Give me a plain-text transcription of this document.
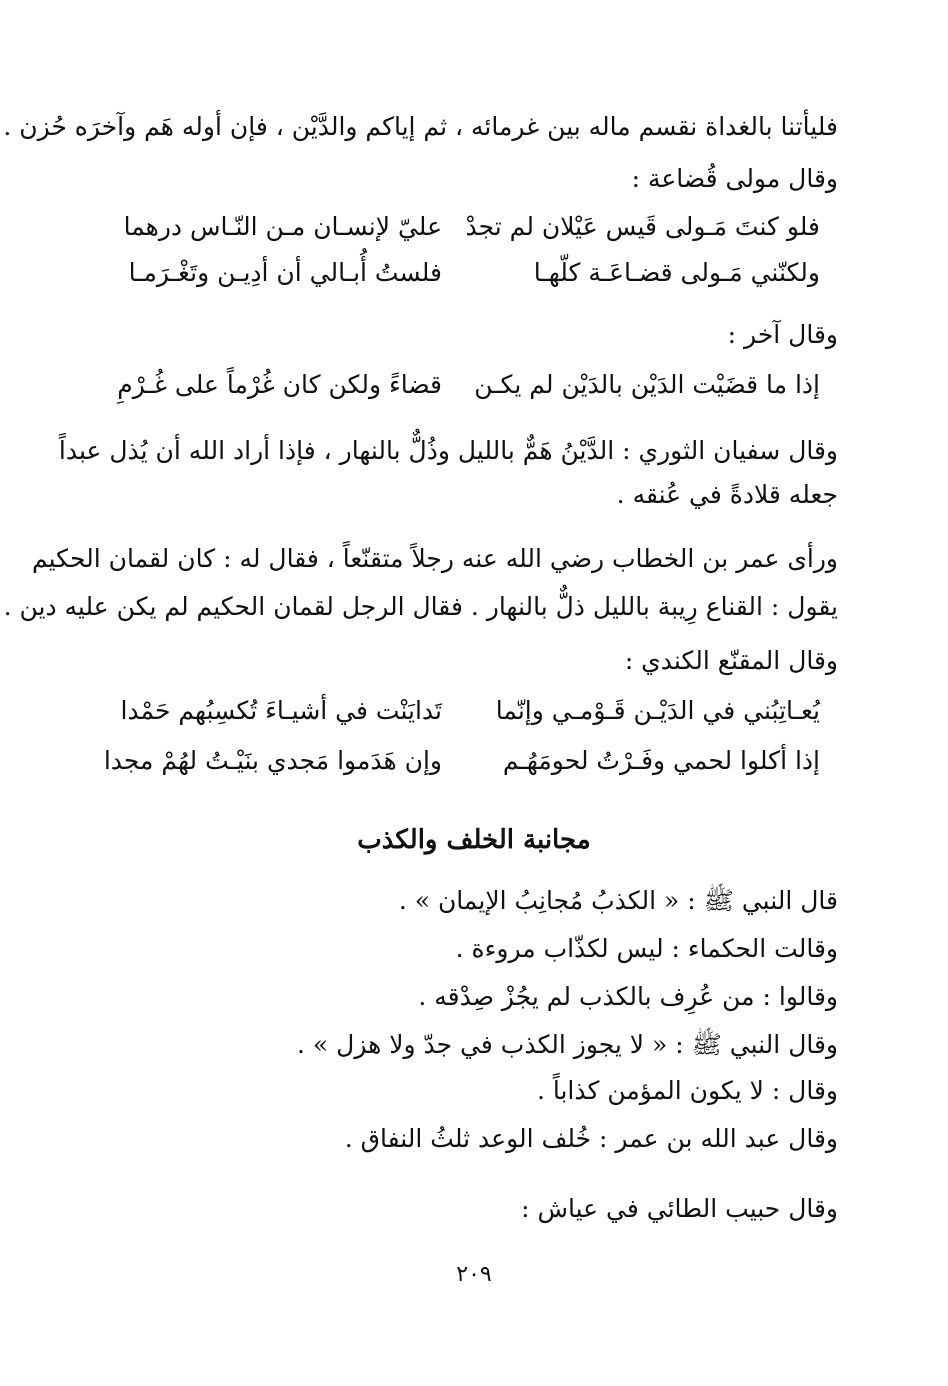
فليأتنا بالغداة نقسم ماله بين غرمائه ، ثم إياكم والدَّيْن ، فإن أوله هَم وآخرَه حُزن .
وقال مولى قُضاعة :
فلو كنتَ مَـولى قَيس عَيْلان لم تجدْ
عليّ لإنسـان مـن النّـاس درهما
ولكنّني مَـولى قضـاعَـة كلّهـا
فلستُ أُبـالي أن أدِيـن وتَغْـرَمـا
وقال آخر :
إذا ما قضَيْت الدَيْن بالدَيْن لم يكـن
قضاءً ولكن كان غُرْماً على غُـرْمِ
وقال سفيان الثوري : الدَّيْنُ هَمٌّ بالليل وذُلٌّ بالنهار ، فإذا أراد الله أن يُذل عبداً
جعله قلادةً في عُنقه .
ورأى عمر بن الخطاب رضي الله عنه رجلاً متقنّعاً ، فقال له : كان لقمان الحكيم
يقول : القناع رِيبة بالليل ذلٌّ بالنهار . فقال الرجل لقمان الحكيم لم يكن عليه دين .
وقال المقنّع الكندي :
يُعـاتِبُني في الدَيْـن قَـوْمـي وإنّما
تَدايَنْت في أشيـاءَ تُكسِبُهم حَمْدا
إذا أكلوا لحمي وفَـرْتُ لحومَهُـم
وإن هَدَموا مَجدي بنَيْـتُ لهُمْ مجدا
مجانبة الخلف والكذب
قال النبي ﷺ : « الكذبُ مُجانِبُ الإيمان » .
وقالت الحكماء : ليس لكذّاب مروءة .
وقالوا : من عُرِف بالكذب لم يجُزْ صِدْقه .
وقال النبي ﷺ : « لا يجوز الكذب في جدّ ولا هزل » .
وقال : لا يكون المؤمن كذاباً .
وقال عبد الله بن عمر : خُلف الوعد ثلثُ النفاق .
وقال حبيب الطائي في عياش :
٢٠٩
